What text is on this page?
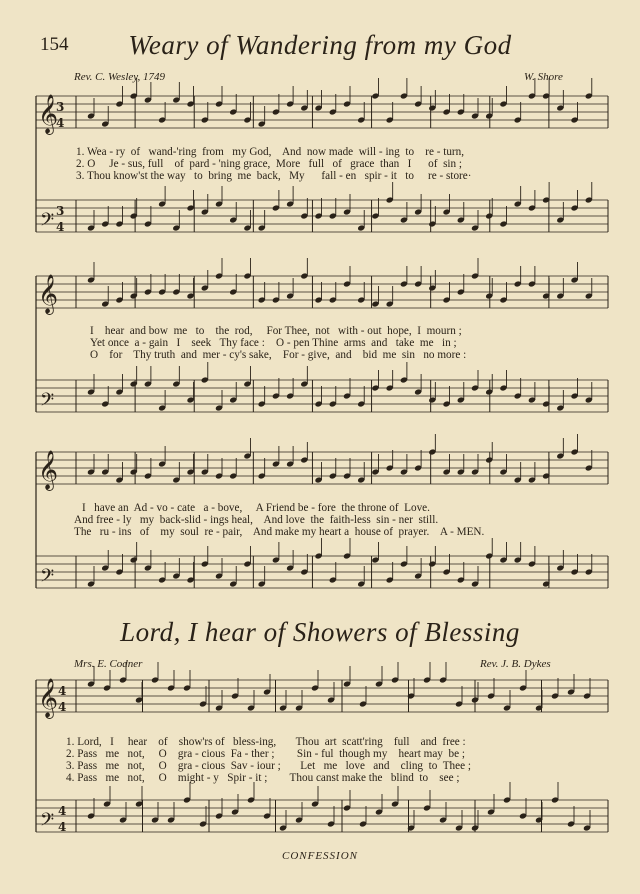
154	Weary of Wandering from my God
Rev. C. Wesley, 1749	W. Shore
𝄞
𝄢
3
4
3
4
𝄞
𝄢
𝄞
𝄢
𝄞
𝄢
4
4
4
4
1. Wea - ry  of   wand-'ring  from   my God,    And  now made  will - ing  to    re - turn,
2. O     Je - sus, full    of  pard - 'ning grace,  More   full   of   grace  than   I      of  sin ;
3. Thou know'st the way   to  bring  me  back,   My      fall - en   spir - it   to     re - store·
I    hear  and bow  me   to    the  rod,     For Thee,  not   with - out  hope,  I  mourn ;
Yet once  a - gain   I    seek   Thy face :    O - pen Thine  arms  and   take  me   in ;
O    for    Thy truth  and  mer - cy's sake,    For - give,  and    bid  me  sin   no more :
I   have an  Ad - vo - cate   a - bove,     A Friend be - fore  the throne of  Love.
And free - ly   my  back-slid - ings heal,    And love  the  faith-less  sin - ner  still.
The   ru - ins   of    my  soul  re - pair,    And make my heart a  house of  prayer.    A - MEN.
Lord, I hear of Showers of Blessing
Mrs. E. Codner	Rev. J. B. Dykes
1. Lord,   I     hear    of    show'rs of   bless-ing,       Thou  art  scatt'ring    full    and  free :
2. Pass   me   not,     O    gra - cious  Fa - ther ;        Sin - ful  though my    heart may  be ;
3. Pass   me   not,     O    gra - cious  Sav - iour ;       Let   me   love   and    cling  to  Thee ;
4. Pass   me   not,     O    might - y   Spir - it ;        Thou canst make the   blind  to    see ;
CONFESSION
